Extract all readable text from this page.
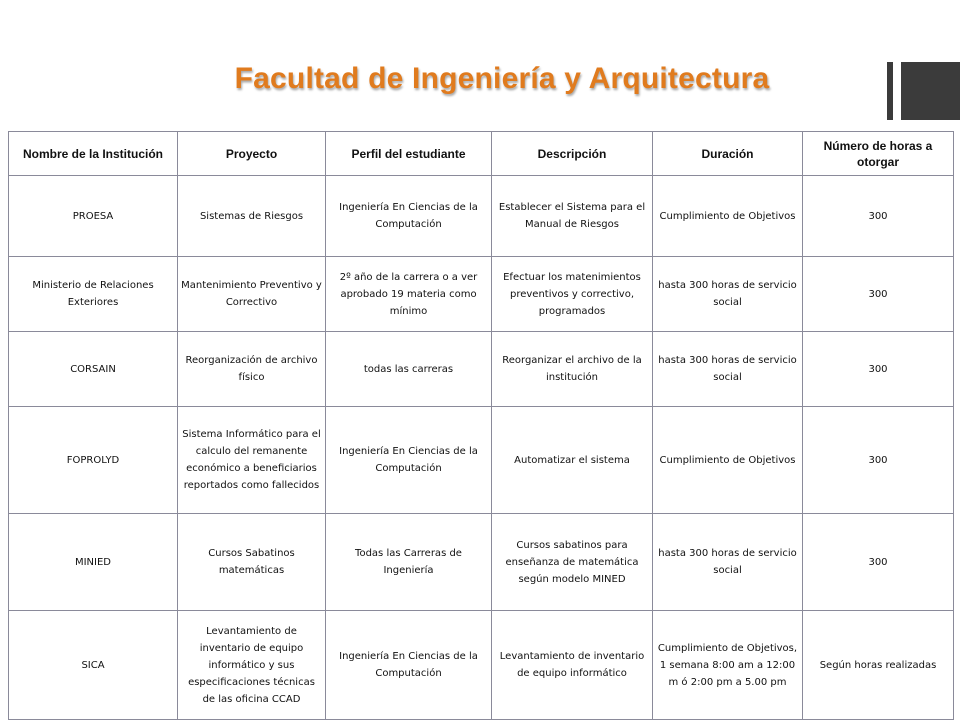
Facultad de Ingeniería y Arquitectura
Nombre de la Institución	Proyecto	Perfil del estudiante	Descripción	Duración	Número de horas a otorgar
PROESA	Sistemas de Riesgos	Ingeniería En Ciencias de la Computación	Establecer el Sistema para el Manual de Riesgos	Cumplimiento de Objetivos	300
Ministerio de Relaciones Exteriores	Mantenimiento Preventivo y Correctivo	2º año de la carrera o a ver aprobado 19 materia como mínimo	Efectuar los matenimientos preventivos y correctivo, programados	hasta 300 horas de servicio social	300
CORSAIN	Reorganización de archivo físico	todas las carreras	Reorganizar el archivo de la institución	hasta 300 horas de servicio social	300
FOPROLYD	Sistema Informático para el calculo del remanente económico a beneficiarios reportados como fallecidos	Ingeniería En Ciencias de la Computación	Automatizar el sistema	Cumplimiento de Objetivos	300
MINIED	Cursos Sabatinos matemáticas	Todas las Carreras de Ingeniería	Cursos sabatinos para enseñanza de matemática según modelo MINED	hasta 300 horas de servicio social	300
SICA	Levantamiento de inventario de equipo informático y sus especificaciones técnicas de las oficina CCAD	Ingeniería En Ciencias de la Computación	Levantamiento de inventario de equipo informático	Cumplimiento de Objetivos, 1 semana 8:00 am a 12:00 m ó 2:00 pm a 5.00 pm	Según horas realizadas
